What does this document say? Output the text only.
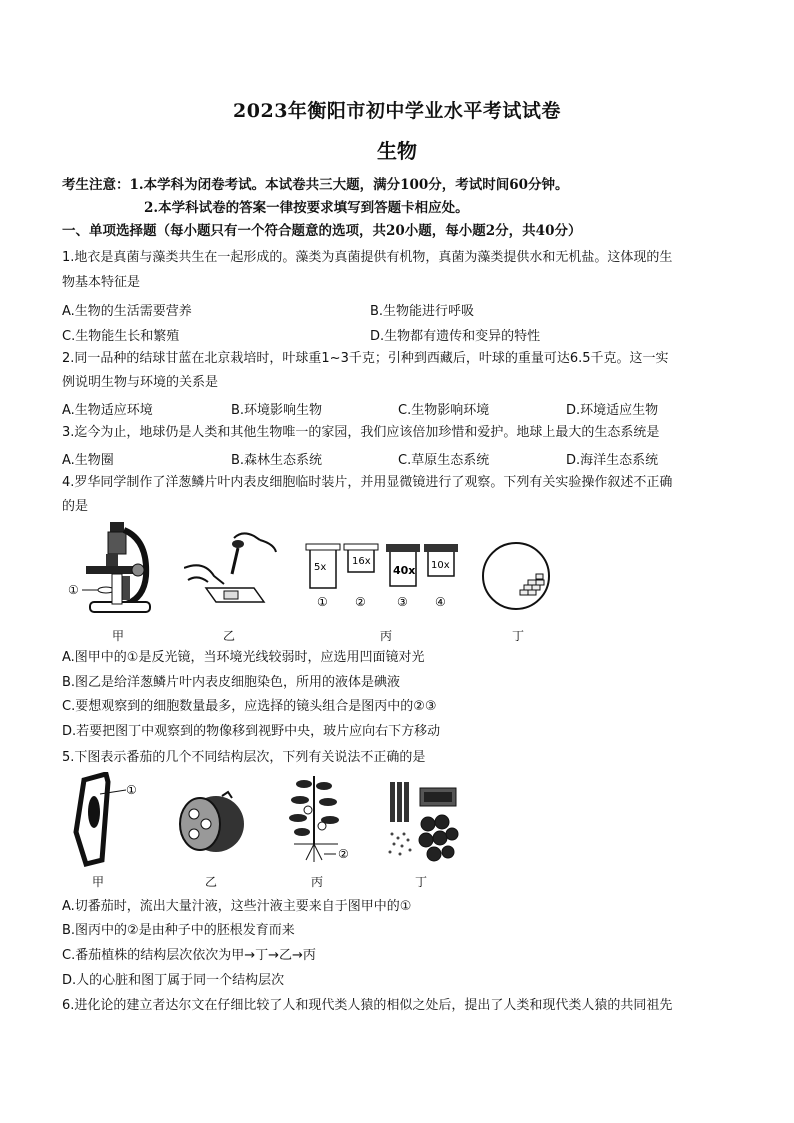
2023年衡阳市初中学业水平考试试卷
生物
考生注意：1.本学科为闭卷考试。本试卷共三大题，满分100分，考试时间60分钟。
2.本学科试卷的答案一律按要求填写到答题卡相应处。
一、单项选择题（每小题只有一个符合题意的选项，共20小题，每小题2分，共40分）
1.地衣是真菌与藻类共生在一起形成的。藻类为真菌提供有机物，真菌为藻类提供水和无机盐。这体现的生
物基本特征是
A.生物的生活需要营养	B.生物能进行呼吸
C.生物能生长和繁殖	D.生物都有遗传和变异的特性
2.同一品种的结球甘蓝在北京栽培时，叶球重1~3千克；引种到西藏后，叶球的重量可达6.5千克。这一实
例说明生物与环境的关系是
A.生物适应环境	B.环境影响生物	C.生物影响环境	D.环境适应生物
3.迄今为止，地球仍是人类和其他生物唯一的家园，我们应该倍加珍惜和爱护。地球上最大的生态系统是
A.生物圈	B.森林生态系统	C.草原生态系统	D.海洋生态系统
4.罗华同学制作了洋葱鳞片叶内表皮细胞临时装片，并用显微镜进行了观察。下列有关实验操作叙述不正确
的是
①
甲	乙
5x
16x
40x 10x
① ②	③ ④
丙	丁
A.图甲中的①是反光镜，当环境光线较弱时，应选用凹面镜对光
B.图乙是给洋葱鳞片叶内表皮细胞染色，所用的液体是碘液
C.要想观察到的细胞数量最多，应选择的镜头组合是图丙中的②③
D.若要把图丁中观察到的物像移到视野中央，玻片应向右下方移动
5.下图表示番茄的几个不同结构层次，下列有关说法不正确的是
①
甲	乙
②
丙	丁
A.切番茄时，流出大量汁液，这些汁液主要来自于图甲中的①
B.图丙中的②是由种子中的胚根发育而来
C.番茄植株的结构层次依次为甲→丁→乙→丙
D.人的心脏和图丁属于同一个结构层次
6.进化论的建立者达尔文在仔细比较了人和现代类人猿的相似之处后，提出了人类和现代类人猿的共同祖先
